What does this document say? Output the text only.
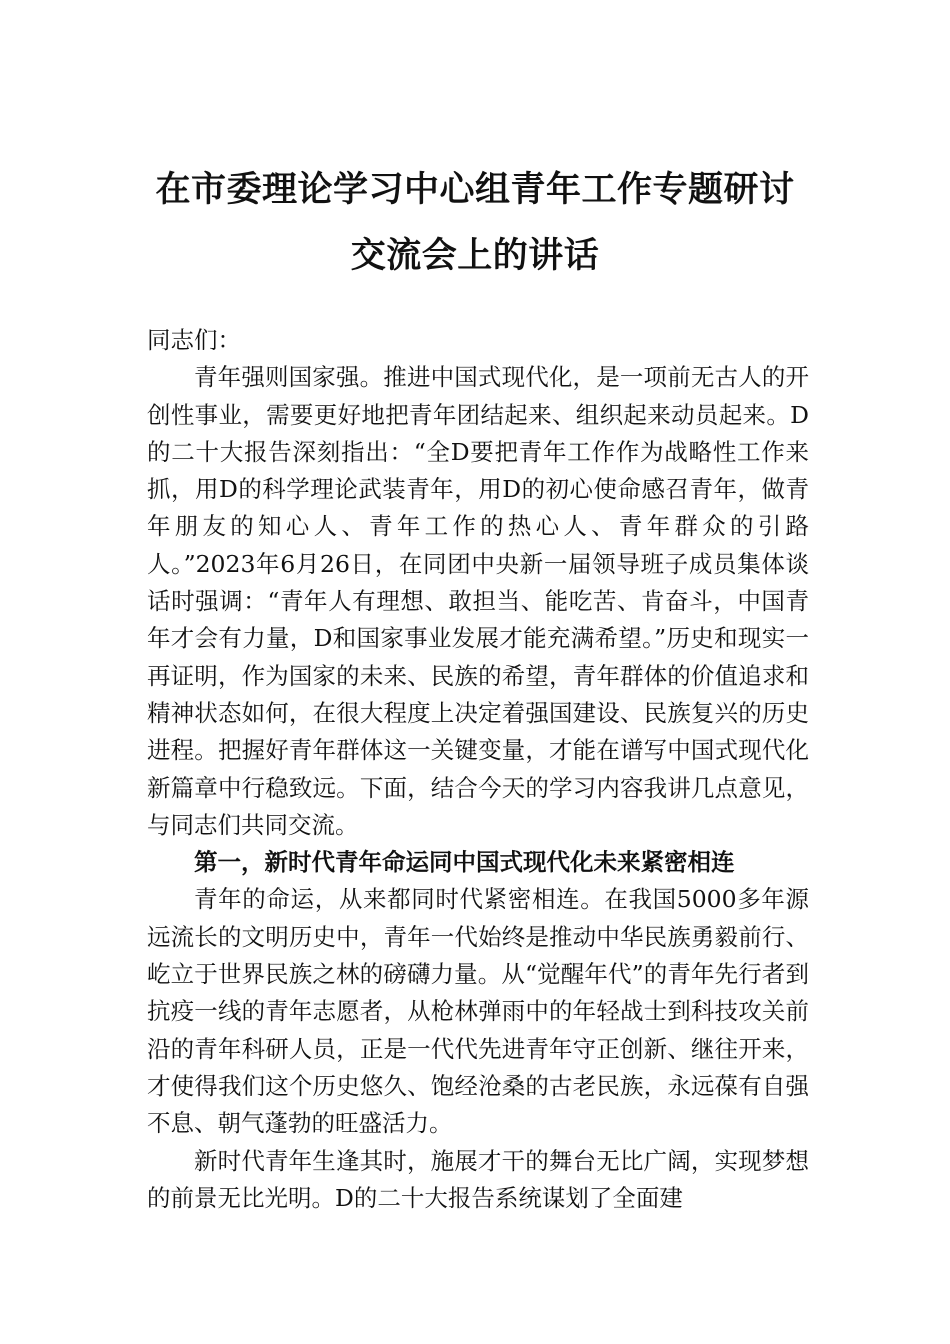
在市委理论学习中心组青年工作专题研讨
交流会上的讲话

同志们：

青年强则国家强。推进中国式现代化，是一项前无古人的开创性事业，需要更好地把青年团结起来、组织起来动员起来。D的二十大报告深刻指出：“全D要把青年工作作为战略性工作来抓，用D的科学理论武装青年，用D的初心使命感召青年，做青年朋友的知心人、青年工作的热心人、青年群众的引路人。”2023年6月26日，在同团中央新一届领导班子成员集体谈话时强调：“青年人有理想、敢担当、能吃苦、肯奋斗，中国青年才会有力量，D和国家事业发展才能充满希望。”历史和现实一再证明，作为国家的未来、民族的希望，青年群体的价值追求和精神状态如何，在很大程度上决定着强国建设、民族复兴的历史进程。把握好青年群体这一关键变量，才能在谱写中国式现代化新篇章中行稳致远。下面，结合今天的学习内容我讲几点意见，与同志们共同交流。

第一，新时代青年命运同中国式现代化未来紧密相连

青年的命运，从来都同时代紧密相连。在我国5000多年源远流长的文明历史中，青年一代始终是推动中华民族勇毅前行、屹立于世界民族之林的磅礴力量。从“觉醒年代”的青年先行者到抗疫一线的青年志愿者，从枪林弹雨中的年轻战士到科技攻关前沿的青年科研人员，正是一代代先进青年守正创新、继往开来，才使得我们这个历史悠久、饱经沧桑的古老民族，永远葆有自强不息、朝气蓬勃的旺盛活力。

新时代青年生逢其时，施展才干的舞台无比广阔，实现梦想的前景无比光明。D的二十大报告系统谋划了全面建
